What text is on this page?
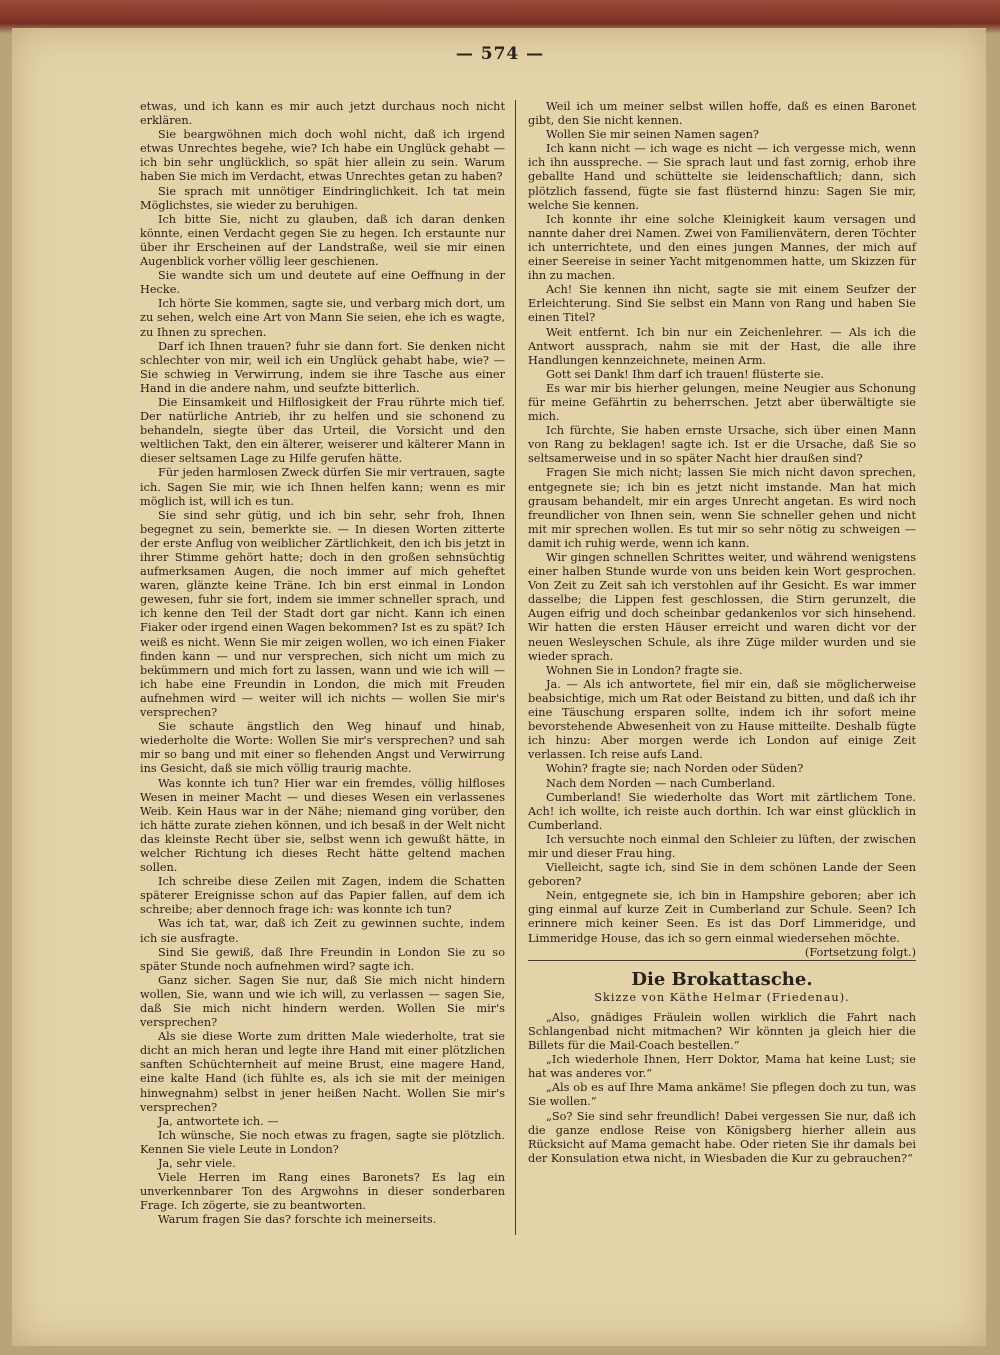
— 574 —

etwas, und ich kann es mir auch jetzt durchaus noch nicht erklären.

Sie beargwöhnen mich doch wohl nicht, daß ich irgend etwas Unrechtes begehe, wie? Ich habe ein Unglück gehabt — ich bin sehr unglücklich, so spät hier allein zu sein. Warum haben Sie mich im Verdacht, etwas Unrechtes getan zu haben?

Sie sprach mit unnötiger Eindringlichkeit. Ich tat mein Möglichstes, sie wieder zu beruhigen.

Ich bitte Sie, nicht zu glauben, daß ich daran denken könnte, einen Verdacht gegen Sie zu hegen. Ich erstaunte nur über ihr Erscheinen auf der Landstraße, weil sie mir einen Augenblick vorher völlig leer geschienen.

Sie wandte sich um und deutete auf eine Oeffnung in der Hecke.

Ich hörte Sie kommen, sagte sie, und verbarg mich dort, um zu sehen, welch eine Art von Mann Sie seien, ehe ich es wagte, zu Ihnen zu sprechen.

Darf ich Ihnen trauen? fuhr sie dann fort. Sie denken nicht schlechter von mir, weil ich ein Unglück gehabt habe, wie? — Sie schwieg in Verwirrung, indem sie ihre Tasche aus einer Hand in die andere nahm, und seufzte bitterlich.

Die Einsamkeit und Hilflosigkeit der Frau rührte mich tief. Der natürliche Antrieb, ihr zu helfen und sie schonend zu behandeln, siegte über das Urteil, die Vorsicht und den weltlichen Takt, den ein älterer, weiserer und kälterer Mann in dieser seltsamen Lage zu Hilfe gerufen hätte.

Für jeden harmlosen Zweck dürfen Sie mir vertrauen, sagte ich. Sagen Sie mir, wie ich Ihnen helfen kann; wenn es mir möglich ist, will ich es tun.

Sie sind sehr gütig, und ich bin sehr, sehr froh, Ihnen begegnet zu sein, bemerkte sie. — In diesen Worten zitterte der erste Anflug von weiblicher Zärtlichkeit, den ich bis jetzt in ihrer Stimme gehört hatte; doch in den großen sehnsüchtig aufmerksamen Augen, die noch immer auf mich geheftet waren, glänzte keine Träne. Ich bin erst einmal in London gewesen, fuhr sie fort, indem sie immer schneller sprach, und ich kenne den Teil der Stadt dort gar nicht. Kann ich einen Fiaker oder irgend einen Wagen bekommen? Ist es zu spät? Ich weiß es nicht. Wenn Sie mir zeigen wollen, wo ich einen Fiaker finden kann — und nur versprechen, sich nicht um mich zu bekümmern und mich fort zu lassen, wann und wie ich will — ich habe eine Freundin in London, die mich mit Freuden aufnehmen wird — weiter will ich nichts — wollen Sie mir's versprechen?

Sie schaute ängstlich den Weg hinauf und hinab, wiederholte die Worte: Wollen Sie mir's versprechen? und sah mir so bang und mit einer so flehenden Angst und Verwirrung ins Gesicht, daß sie mich völlig traurig machte.

Was konnte ich tun? Hier war ein fremdes, völlig hilfloses Wesen in meiner Macht — und dieses Wesen ein verlassenes Weib. Kein Haus war in der Nähe; niemand ging vorüber, den ich hätte zurate ziehen können, und ich besaß in der Welt nicht das kleinste Recht über sie, selbst wenn ich gewußt hätte, in welcher Richtung ich dieses Recht hätte geltend machen sollen.

Ich schreibe diese Zeilen mit Zagen, indem die Schatten späterer Ereignisse schon auf das Papier fallen, auf dem ich schreibe; aber dennoch frage ich: was konnte ich tun?

Was ich tat, war, daß ich Zeit zu gewinnen suchte, indem ich sie ausfragte.

Sind Sie gewiß, daß Ihre Freundin in London Sie zu so später Stunde noch aufnehmen wird? sagte ich.

Ganz sicher. Sagen Sie nur, daß Sie mich nicht hindern wollen, Sie, wann und wie ich will, zu verlassen — sagen Sie, daß Sie mich nicht hindern werden. Wollen Sie mir's versprechen?

Als sie diese Worte zum dritten Male wiederholte, trat sie dicht an mich heran und legte ihre Hand mit einer plötzlichen sanften Schüchternheit auf meine Brust, eine magere Hand, eine kalte Hand (ich fühlte es, als ich sie mit der meinigen hinwegnahm) selbst in jener heißen Nacht. Wollen Sie mir's versprechen?

Ja, antwortete ich. —

Ich wünsche, Sie noch etwas zu fragen, sagte sie plötzlich. Kennen Sie viele Leute in London?

Ja, sehr viele.

Viele Herren im Rang eines Baronets? Es lag ein unverkennbarer Ton des Argwohns in dieser sonderbaren Frage. Ich zögerte, sie zu beantworten.

Warum fragen Sie das? forschte ich meinerseits.

Weil ich um meiner selbst willen hoffe, daß es einen Baronet gibt, den Sie nicht kennen.

Wollen Sie mir seinen Namen sagen?

Ich kann nicht — ich wage es nicht — ich vergesse mich, wenn ich ihn ausspreche. — Sie sprach laut und fast zornig, erhob ihre geballte Hand und schüttelte sie leidenschaftlich; dann, sich plötzlich fassend, fügte sie fast flüsternd hinzu: Sagen Sie mir, welche Sie kennen.

Ich konnte ihr eine solche Kleinigkeit kaum versagen und nannte daher drei Namen. Zwei von Familienvätern, deren Töchter ich unterrichtete, und den eines jungen Mannes, der mich auf einer Seereise in seiner Yacht mitgenommen hatte, um Skizzen für ihn zu machen.

Ach! Sie kennen ihn nicht, sagte sie mit einem Seufzer der Erleichterung. Sind Sie selbst ein Mann von Rang und haben Sie einen Titel?

Weit entfernt. Ich bin nur ein Zeichenlehrer. — Als ich die Antwort aussprach, nahm sie mit der Hast, die alle ihre Handlungen kennzeichnete, meinen Arm.

Gott sei Dank! Ihm darf ich trauen! flüsterte sie.

Es war mir bis hierher gelungen, meine Neugier aus Schonung für meine Gefährtin zu beherrschen. Jetzt aber überwältigte sie mich.

Ich fürchte, Sie haben ernste Ursache, sich über einen Mann von Rang zu beklagen! sagte ich. Ist er die Ursache, daß Sie so seltsamerweise und in so später Nacht hier draußen sind?

Fragen Sie mich nicht; lassen Sie mich nicht davon sprechen, entgegnete sie; ich bin es jetzt nicht imstande. Man hat mich grausam behandelt, mir ein arges Unrecht angetan. Es wird noch freundlicher von Ihnen sein, wenn Sie schneller gehen und nicht mit mir sprechen wollen. Es tut mir so sehr nötig zu schweigen — damit ich ruhig werde, wenn ich kann.

Wir gingen schnellen Schrittes weiter, und während wenigstens einer halben Stunde wurde von uns beiden kein Wort gesprochen. Von Zeit zu Zeit sah ich verstohlen auf ihr Gesicht. Es war immer dasselbe; die Lippen fest geschlossen, die Stirn gerunzelt, die Augen eifrig und doch scheinbar gedankenlos vor sich hinsehend. Wir hatten die ersten Häuser erreicht und waren dicht vor der neuen Wesleyschen Schule, als ihre Züge milder wurden und sie wieder sprach.

Wohnen Sie in London? fragte sie.

Ja. — Als ich antwortete, fiel mir ein, daß sie möglicherweise beabsichtige, mich um Rat oder Beistand zu bitten, und daß ich ihr eine Täuschung ersparen sollte, indem ich ihr sofort meine bevorstehende Abwesenheit von zu Hause mitteilte. Deshalb fügte ich hinzu: Aber morgen werde ich London auf einige Zeit verlassen. Ich reise aufs Land.

Wohin? fragte sie; nach Norden oder Süden?

Nach dem Norden — nach Cumberland.

Cumberland! Sie wiederholte das Wort mit zärtlichem Tone. Ach! ich wollte, ich reiste auch dorthin. Ich war einst glücklich in Cumberland.

Ich versuchte noch einmal den Schleier zu lüften, der zwischen mir und dieser Frau hing.

Vielleicht, sagte ich, sind Sie in dem schönen Lande der Seen geboren?

Nein, entgegnete sie, ich bin in Hampshire geboren; aber ich ging einmal auf kurze Zeit in Cumberland zur Schule. Seen? Ich erinnere mich keiner Seen. Es ist das Dorf Limmeridge, und Limmeridge House, das ich so gern einmal wiedersehen möchte.

(Fortsetzung folgt.)

Die Brokattasche.
Skizze von Käthe Helmar (Friedenau).

„Also, gnädiges Fräulein wollen wirklich die Fahrt nach Schlangenbad nicht mitmachen? Wir könnten ja gleich hier die Billets für die Mail-Coach bestellen.“

„Ich wiederhole Ihnen, Herr Doktor, Mama hat keine Lust; sie hat was anderes vor.“

„Als ob es auf Ihre Mama ankäme! Sie pflegen doch zu tun, was Sie wollen.“

„So? Sie sind sehr freundlich! Dabei vergessen Sie nur, daß ich die ganze endlose Reise von Königsberg hierher allein aus Rücksicht auf Mama gemacht habe. Oder rieten Sie ihr damals bei der Konsulation etwa nicht, in Wiesbaden die Kur zu gebrauchen?“
